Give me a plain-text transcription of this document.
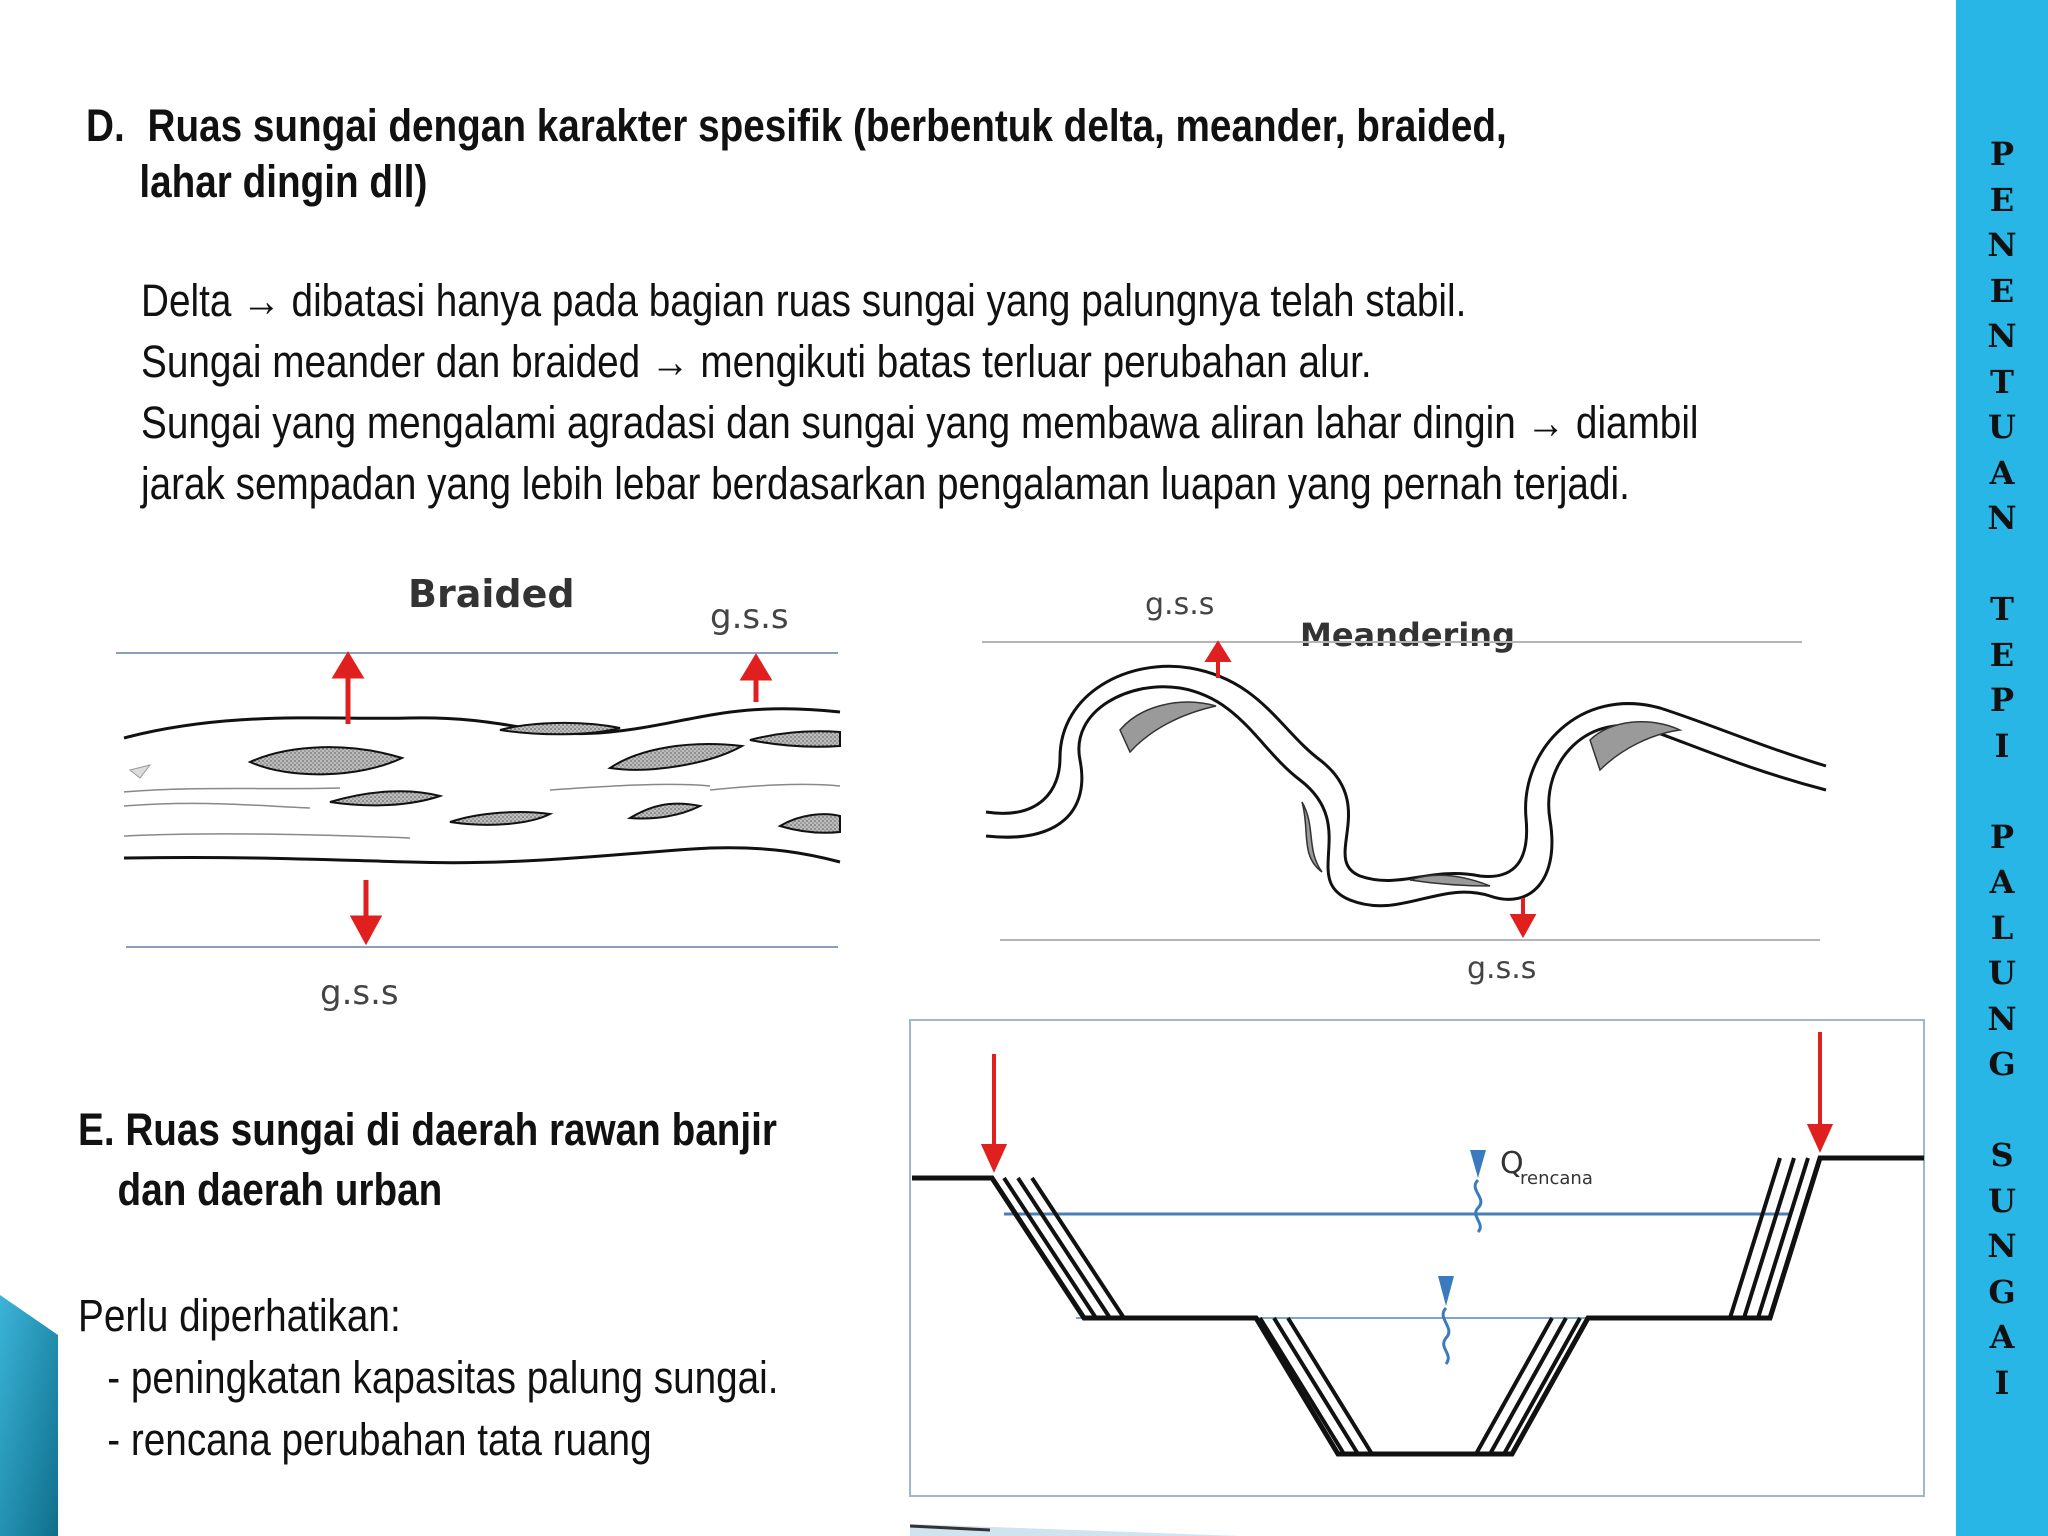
P
E
N
E
N
T
U
A
N
T
E
P
I
P
A
L
U
N
G
S
U
N
G
A
I
D. Ruas sungai dengan karakter spesifik (berbentuk delta, meander, braided,
lahar dingin dll)
Delta → dibatasi hanya pada bagian ruas sungai yang palungnya telah stabil.
Sungai meander dan braided → mengikuti batas terluar perubahan alur.
Sungai yang mengalami agradasi dan sungai yang membawa aliran lahar dingin → diambil
jarak sempadan yang lebih lebar berdasarkan pengalaman luapan yang pernah terjadi.
Braided
g.s.s
g.s.s
g.s.s
Meandering
g.s.s
E. Ruas sungai di daerah rawan banjir
dan daerah urban
Perlu diperhatikan:
- peningkatan kapasitas palung sungai.
- rencana perubahan tata ruang
Q
rencana
